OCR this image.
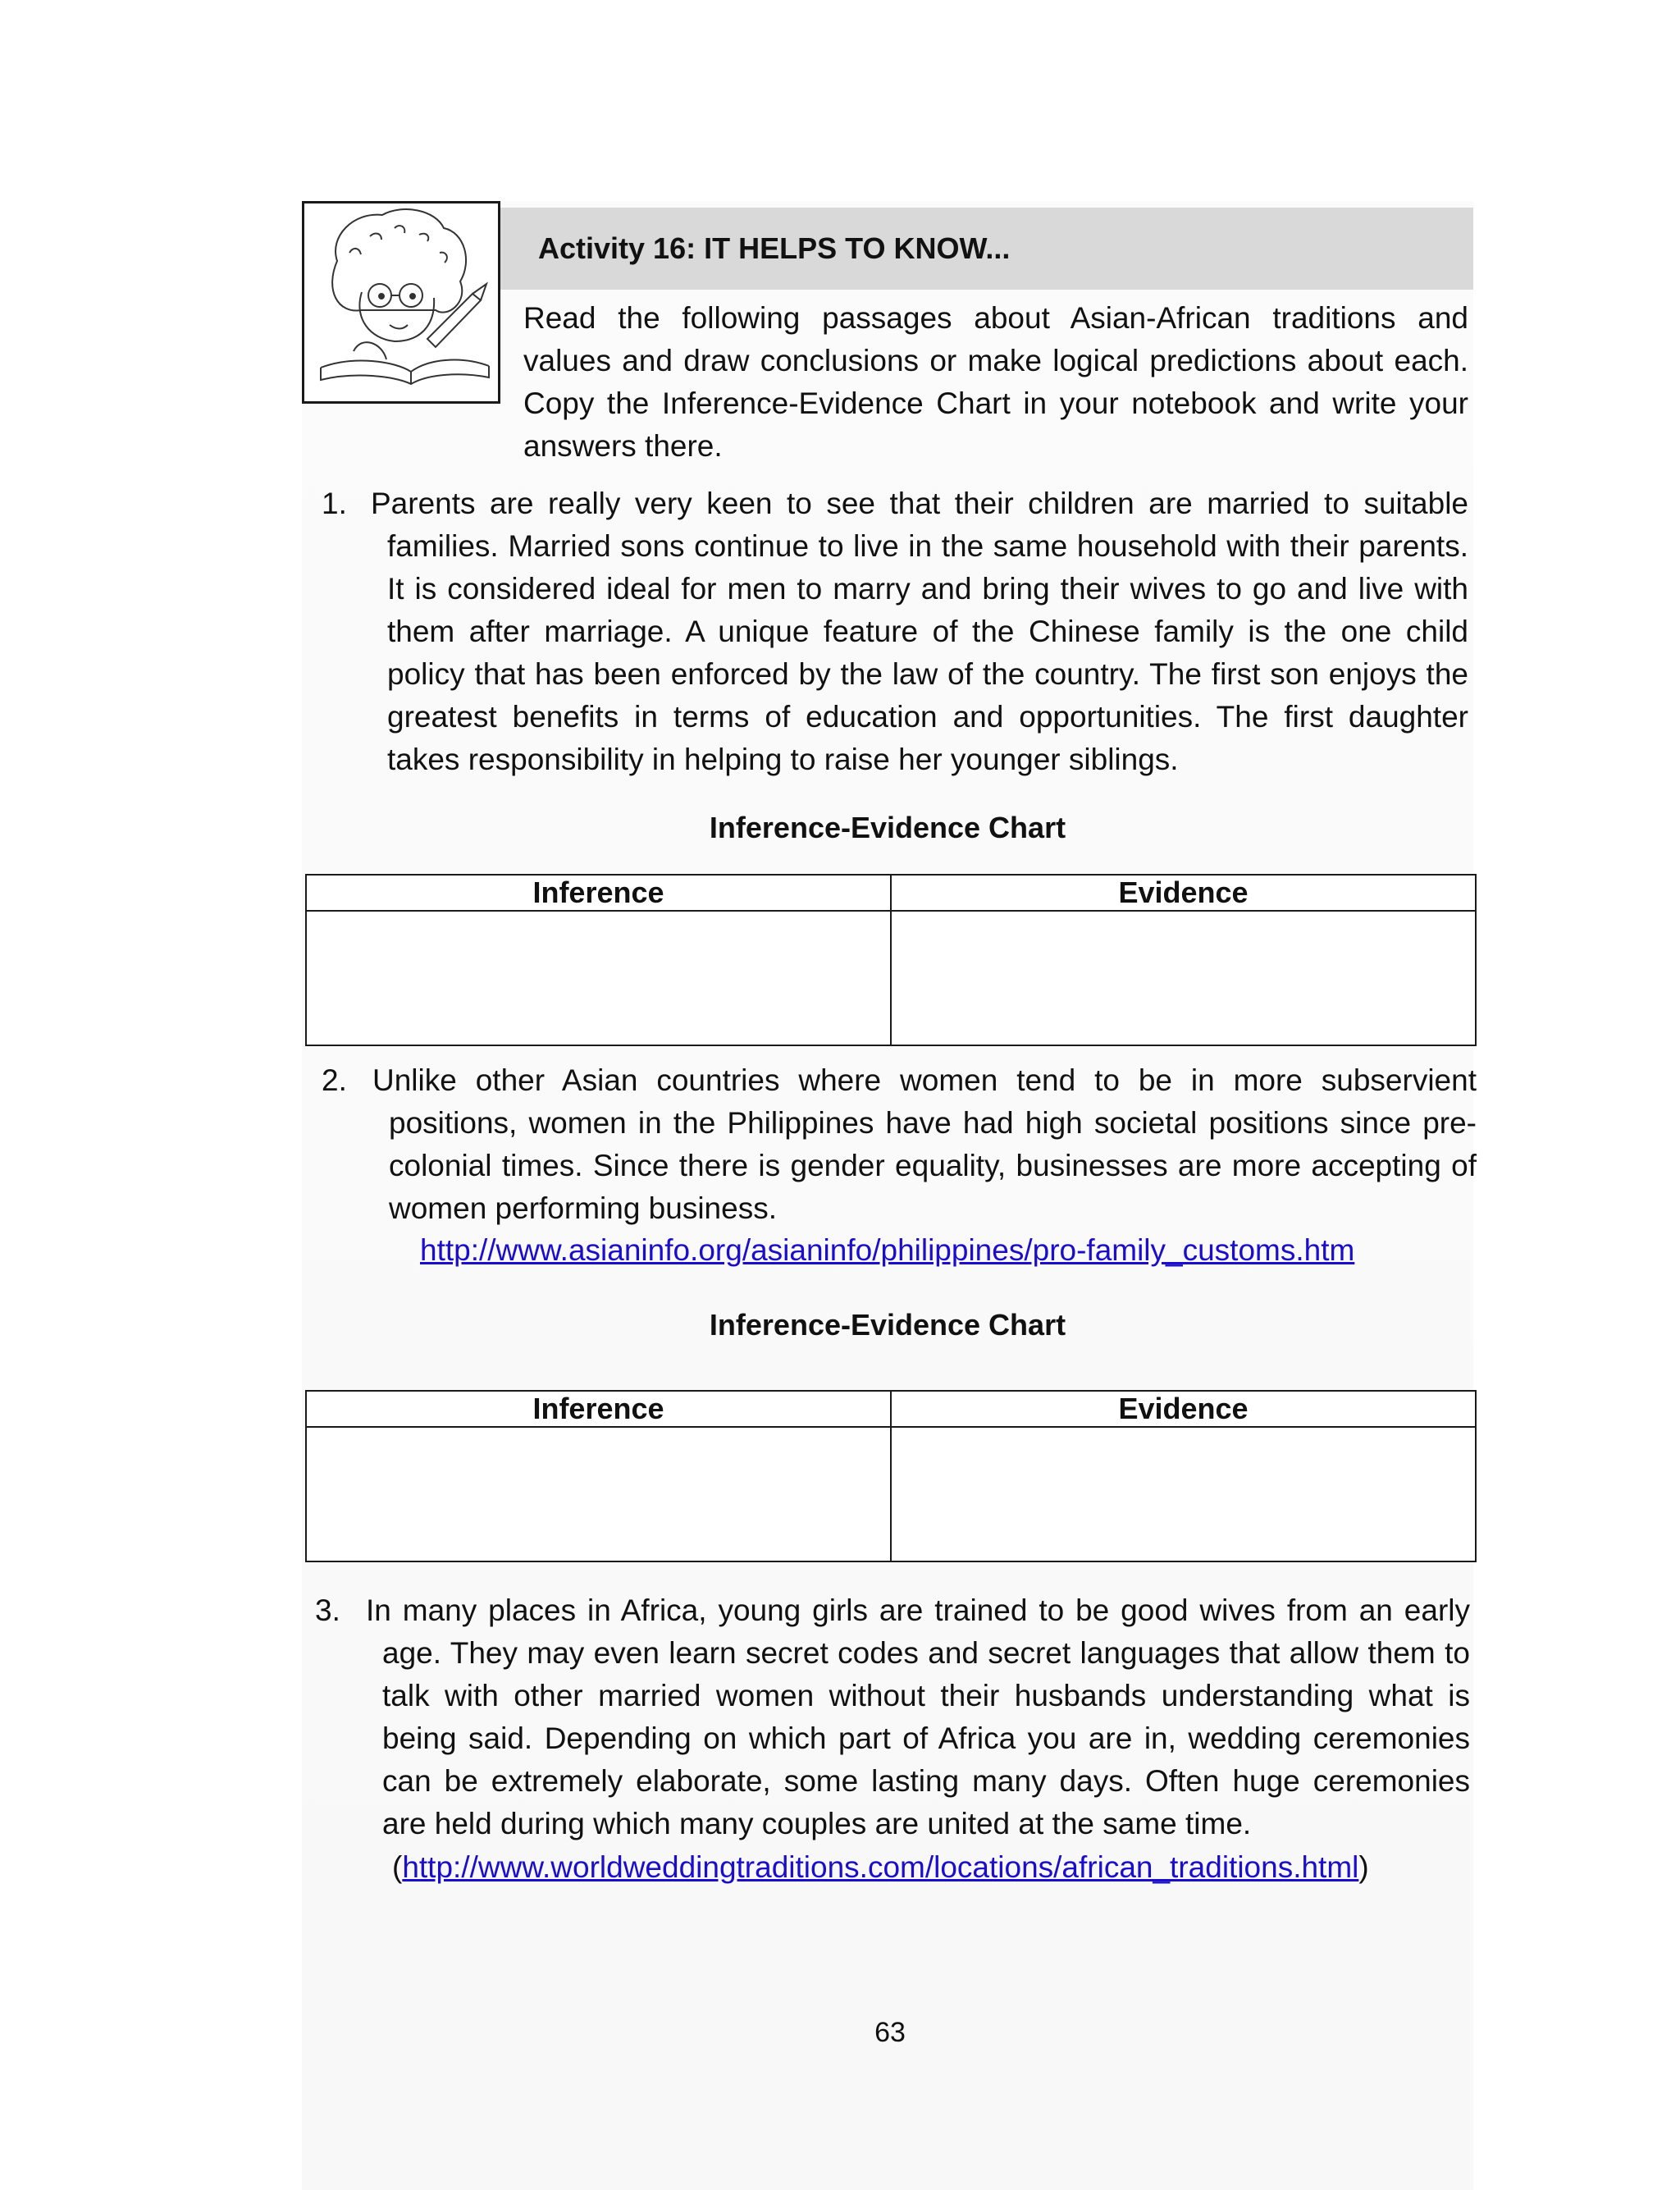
Activity 16: IT HELPS TO KNOW...
Read the following passages about Asian-African traditions and values and draw conclusions or make logical predictions about each. Copy the Inference-Evidence Chart in your notebook and write your answers there.
1. Parents are really very keen to see that their children are married to suitable families. Married sons continue to live in the same household with their parents. It is considered ideal for men to marry and bring their wives to go and live with them after marriage. A unique feature of the Chinese family is the one child policy that has been enforced by the law of the country. The first son enjoys the greatest benefits in terms of education and opportunities. The first daughter takes responsibility in helping to raise her younger siblings.
Inference-Evidence Chart
Inference	Evidence

2. Unlike other Asian countries where women tend to be in more subservient positions, women in the Philippines have had high societal positions since pre-colonial times. Since there is gender equality, businesses are more accepting of women performing business.
http://www.asianinfo.org/asianinfo/philippines/pro-family_customs.htm
Inference-Evidence Chart
Inference	Evidence

3. In many places in Africa, young girls are trained to be good wives from an early age. They may even learn secret codes and secret languages that allow them to talk with other married women without their husbands understanding what is being said. Depending on which part of Africa you are in, wedding ceremonies can be extremely elaborate, some lasting many days. Often huge ceremonies are held during which many couples are united at the same time.
(http://www.worldweddingtraditions.com/locations/african_traditions.html)
63
